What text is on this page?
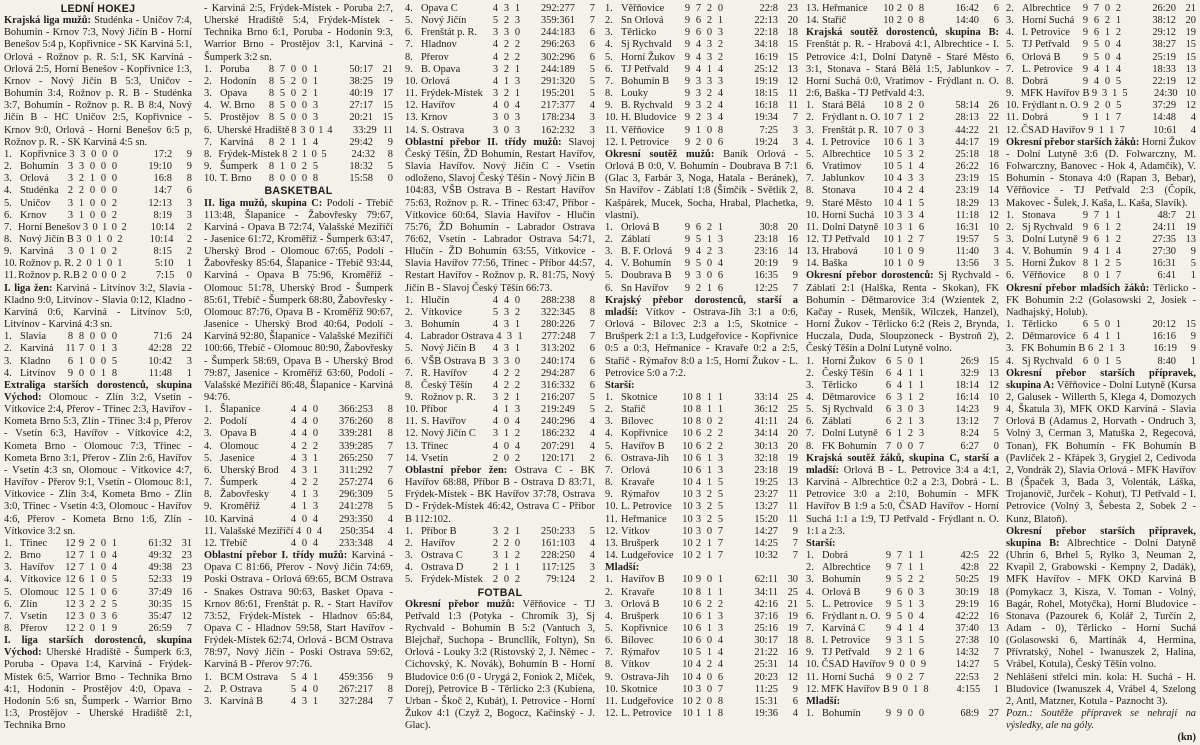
LEDNÍ HOKEJ

Krajská liga mužů: Studénka - Uničov 7:4, Bohumín - Krnov 7:3, Nový Jičín B - Horní Benešov 5:4 p, Kopřivnice - SK Karviná 5:1, Orlová - Rožnov p. R. 5:1, SK Karviná - Orlová 2:5, Horní Benešov - Kopřivnice 1:3, Krnov - Nový Jičín B 5:3, Uničov - Bohumín 3:4, Rožnov p. R. B - Studénka 3:7, Bohumín - Rožnov p. R. B 8:4, Nový Jičín B - HC Uničov 2:5, Kopřivnice - Krnov 9:0, Orlová - Horní Benešov 6:5 p, Rožnov p. R. - SK Karviná 4:5 sn.

1. Kopřivnice 3 3 0 0 0	17:2	9
2. Bohumín 3 3 0 0 0	19:10	9
3. Orlová	3 2 1 0 0	16:8	8
4. Studénka 2 2 0 0 0	14:7	6
5. Uničov	3 1 0 0 2	12:13	3
6. Krnov	3 1 0 0 2	8:19	3
7. Horní Benešov 3 0 1 0 2	10:14	2
8. Nový Jičín B 3 0 1 0 2	10:14	2
9. Karviná	3 0 1 0 2	8:15	2
10. Rožnov p. R. 2 0 1 0 1	5:10	1
11. Rožnov p. R.B 2 0 0 0 2	7:15	0

I. liga žen: Karviná - Litvínov 3:2, Slavia - Kladno 9:0, Litvínov - Slavia 0:12, Kladno - Karviná 0:6, Karviná - Litvínov 5:0, Litvínov - Karviná 4:3 sn.

1. Slavia	8 8 0 0 0	71:6 24
2. Karviná	11 7 0 1 3	42:28 22
3. Kladno	6 1 0 0 5	10:42	3
4. Litvínov	9 0 0 1 8	11:48	1

Extraliga starších dorostenců, skupina Východ: Olomouc - Zlín 3:2, Vsetín - Vítkovice 2:4, Přerov - Třinec 2:3, Havířov - Kometa Brno 5:3, Zlín - Třinec 3:4 p, Přerov - Vsetín 6:3, Havířov - Vítkovice 4:2, Kometa Brno - Olomouc 7:3, Třinec - Kometa Brno 3:1, Přerov - Zlín 2:6, Havířov - Vsetín 4:3 sn, Olomouc - Vítkovice 4:7, Havířov - Přerov 9:1, Vsetín - Olomouc 8:1, Vítkovice - Zlín 3:4, Kometa Brno - Zlín 3:0, Třinec - Vsetín 4:3, Olomouc - Havířov 4:6, Přerov - Kometa Brno 1:6, Zlín - Vítkovice 3:2 sn.

1. Třinec	12 9 2 0 1	61:32 31
2. Brno	12 7 1 0 4	49:32 23
3. Havířov	12 7 1 0 4	49:38 23
4. Vítkovice 12 6 1 0 5	52:33 19
5. Olomouc 12 5 1 0 6	37:49 16
6. Zlín	12 3 2 2 5	30:35 15
7. Vsetín	12 3 0 3 6	35:47 12
8. Přerov	12 2 0 1 9	26:59	7

I. liga starších dorostenců, skupina Východ: Uherské Hradiště - Šumperk 6:3, Poruba - Opava 1:4, Karviná - Frýdek-Místek 6:5, Warrior Brno - Technika Brno 4:1, Hodonín - Prostějov 4:0, Opava - Hodonín 5:6 sn, Šumperk - Warrior Brno 1:3, Prostějov - Uherské Hradiště 2:1, Technika Brno

- Karviná 2:5, Frýdek-Místek - Poruba 2:7, Uherské Hradiště 5:4, Frýdek-Místek - Technika Brno 6:1, Poruba - Hodonín 9:3, Warrior Brno - Prostějov 3:1, Karviná - Šumperk 3:2 sn.

1. Poruba	8 7 0 0 1	50:17 21
2. Hodonín	8 5 2 0 1	38:25 19
3. Opava	8 5 0 2 1	40:19 17
4. W. Brno	8 5 0 0 3	27:17 15
5. Prostějov 8 5 0 0 3	20:21 15
6. Uherské Hradiště 8 3 0 1 4	33:29 11
7. Karviná	8 2 1 1 4	29:42	9
8. Frýdek-Místek 8 2 1 0 5	24:32	8
9. Šumperk	8 1 0 2 5	18:32	5
10. T. Brno	8 0 0 0 8	15:58	0
BASKETBAL

II. liga mužů, skupina C: Podolí - Třebíč 113:48, Šlapanice - Žabovřesky 79:67, Karviná - Opava B 72:74, Valašské Meziříčí - Jasenice 61:72, Kroměříž - Šumperk 63:47, Uherský Brod - Olomouc 67:65, Podolí - Žabovřesky 85:64, Šlapanice - Třebíč 93:44, Karviná - Opava B 75:96, Kroměříž - Olomouc 51:78, Uherský Brod - Šumperk 85:61, Třebíč - Šumperk 68:80, Žabovřesky - Olomouc 87:76, Opava B - Kroměříž 90:67, Jasenice - Uherský Brod 40:64, Podolí - Karviná 92:80, Šlapanice - Valašské Meziříčí 100:66, Třebíč - Olomouc 80:90, Žabovřesky - Šumperk 58:69, Opava B - Uherský Brod 79:87, Jasenice - Kroměříž 63:60, Podolí - Valašské Meziříčí 86:48, Šlapanice - Karviná 94:76.

1. Šlapanice	4 4 0	366:253	8
2. Podolí	4 4 0	376:260	8
3. Opava B	4 4 0	339:281	8
4. Olomouc	4 2 2	339:285	7
5. Jasenice	4 3 1	265:250	7
6. Uherský Brod	4 3 1	311:292	7
7. Šumperk	4 2 2	257:274	6
8. Žabovřesky	4 1 3	296:309	5
9. Kroměříž	4 1 3	241:278	5
10. Karviná	4 0 4	293:350	4
11. Valašské Meziříčí 4 0 4	250:354	4
12. Třebíč	4 0 4	233:348	4

Oblastní přebor I. třídy mužů: Karviná - Opava C 81:66, Přerov - Nový Jičín 74:69, Poski Ostrava - Orlová 69:65, BCM Ostrava - Snakes Ostrava 90:63, Basket Opava - Krnov 86:61, Frenštát p. R. - Start Havířov 73:52, Frýdek-Místek - Hladnov 65:84, Opava C - Hladnov 59:58, Start Havířov - Frýdek-Místek 62:74, Orlová - BCM Ostrava 78:97, Nový Jičín - Poski Ostrava 59:62, Karviná B - Přerov 97:76.

1. BCM Ostrava	5 4 1	459:356	9
2. P. Ostrava	5 4 0	267:217	8
3. Karviná B	4 3 1	327:284	7
4. Opava C	4 3 1	292:277	7
5. Nový Jičín	5 2 3	359:361	7
6. Frenštát p. R.	3 3 0	244:183	6
7. Hladnov	4 2 2	296:263	6
8. Přerov	4 2 2	302:296	6
9. B. Opava	3 2 1	244:189	5
10. Orlová	4 1 3	291:320	5
11. Frýdek-Místek 3 2 1	195:201	5
12. Havířov	4 0 4	217:377	4
13. Krnov	3 0 3	178:234	3
14. S. Ostrava	3 0 3	162:232	3

Oblastní přebor II. třídy mužů: Slavoj Český Těšín, ŽD Bohumín, Restart Havířov, Slavia Havířov. Nový Jičín C - Vsetín odloženo, Slavoj Český Těšín - Nový Jičín B 104:83, VŠB Ostrava B - Restart Havířov 75:63, Rožnov p. R. - Třinec 63:47, Příbor - Vítkovice 60:64, Slavia Havířov - Hlučín 75:76, ŽD Bohumín - Labrador Ostrava 76:62, Vsetín - Labrador Ostrava 54:71, Hlučín - ŽD Bohumín 63:55, Vítkovice - Slavia Havířov 77:56, Třinec - Příbor 44:57, Restart Havířov - Rožnov p. R. 81:75, Nový Jičín B - Slavoj Český Těšín 66:73.

1. Hlučín	4 4 0	288:238	8
2. Vítkovice	5 3 2	322:345	8
3. Bohumín	4 3 1	280:226	7
4. Labrador Ostrava 4 3 1	277:248	7
5. Nový Jičín B	4 3 1	313:202	6
6. VŠB Ostrava B 3 3 0	240:174	6
7. R. Havířov	4 2 2	294:287	6
8. Český Těšín	4 2 2	316:332	6
9. Rožnov p. R.	3 2 1	216:207	5
10. Příbor	4 1 3	219:249	5
11. S. Havířov	4 0 4	240:296	4
12. Nový Jičín C	3 1 2	186:232	4
13. Třinec	4 0 4	207:291	4
14. Vsetín	2 0 2	120:171	2

Oblastní přebor žen: Ostrava C - BK Havířov 68:88, Příbor B - Ostrava D 83:71, Frýdek-Místek - BK Havířov 37:78, Ostrava D - Frýdek-Místek 46:42, Ostrava C - Příbor B 112:102.

1. Příbor B	3 2 1	250:233	5
2. Havířov	2 2 0	161:103	4
3. Ostrava C	3 1 2	228:250	4
4. Ostrava D	2 1 1	117:125	3
5. Frýdek-Místek 2 0 2	79:124	2
FOTBAL

Okresní přebor mužů: Věřňovice - TJ Petřvald 1:3 (Potyka - Chromík 3), Sj Rychvald - Bohumín B 5:2 (Vantuch 3, Blejchař, Suchopa - Bruncllík, Foltyn), Sn Orlová - Louky 3:2 (Ristovský 2, J. Němec - Cichovský, K. Novák), Bohumín B - Horní Bludovice 0:6 (0 - Urygá 2, Foniok 2, Míček, Dorej), Petrovice B - Těrlicko 2:3 (Kubiena, Urban - Škoč 2, Kubát), I. Petrovice - Horní Žukov 4:1 (Czyž 2, Bogocz, Kačinský - J. Glac).

1. Věřňovice	9 7 2 0	22:8 23
2. Sn Orlová	9 6 2 1	22:13 20
3. Těrlicko	9 6 0 3	22:18 18
4. Sj Rychvald	9 4 3 2	34:18 15
5. Horní Žukov 9 4 3 2	16:19 15
6. TJ Petřvald	9 4 1 4	25:12 13
7. Bohumín B	9 3 3 3	19:19 12
8. Louky	9 3 2 4	18:15 11
9. B. Rychvald	9 3 2 4	16:18 11
10. H. Bludovice 9 2 3 4	19:34	7
11. Věřňovice	9 1 0 8	7:25	3
12. I. Petrovice	9 2 0 6	19:24	3

Okresní soutěž mužů: Baník Orlová - Orlová B 0:0, V. Bohumín - Doubrava B 7:1 (Glac 3, Farbár 3, Noga, Hatala - Beránek), Sn Havířov - Záblatí 1:8 (Šimčík - Světlík 2, Kašpárek, Mucek, Socha, Hrabal, Plachetka, vlastní).

1. Orlová B	9 6 2 1	30:8 20
2. Záblatí	9 5 1 3	23:18 16
3. B. F. Orlová	9 4 2 3	23:16 14
4. V. Bohumín	9 5 0 4	20:19	9
5. Doubrava B	9 3 0 6	16:35	9
6. Sn Havířov	9 2 1 6	12:25	7

Krajský přebor dorostenců, starší a mladší: Vítkov - Ostrava-Jih 3:1 a 0:6, Orlová - Bílovec 2:3 a 1:5, Skotnice - Brušperk 2:1 a 1:3, Ludgeřovice - Kopřivnice 0:5 a 0:3, Heřmanice - Kravaře 0:2 a 2:5, Stařič - Rýmařov 8:0 a 1:5, Horní Žukov - L. Petrovice 5:0 a 7:2.

Starší:
1. Skotnice	10 8 1 1	33:14 25
2. Stařič	10 8 1 1	36:12 25
3. Bílovec	10 8 0 2	41:11 24
4. Kopřivnice	10 6 2 2	34:14 20
5. Havířov B	10 6 2 2	30:13 20
6. Ostrava-Jih	10 6 1 3	32:18 19
7. Orlová	10 6 1 3	23:18 19
8. Kravaře	10 4 1 5	19:25 13
9. Rýmařov	10 3 2 5	23:27 11
10. L. Petrovice	10 3 2 5	13:27 11
11. Heřmanice	10 3 2 5	15:20 11
12. Vítkov	10 3 0 7	14:27	9
13. Brušperk	10 2 1 7	14:25	7
14. Ludgeřovice 10 2 1 7	10:32	7
Mladší:
1. Havířov B	10 9 0 1	62:11 30
2. Kravaře	10 8 1 1	34:11 25
3. Orlová B	10 6 2 2	42:16 21
4. Brušperk	10 6 1 3	37:16 19
5. Kopřivnice	10 6 1 3	25:16 19
6. Bílovec	10 6 0 4	30:17 18
7. Rýmařov	10 5 1 4	21:22 16
8. Vítkov	10 4 2 4	25:31 14
9. Ostrava-Jih	10 4 0 6	20:23 12
10. Skotnice	10 3 0 7	11:25	9
11. Ludgeřovice 10 2 0 8	15:31	6
12. L. Petrovice	10 1 1 8	19:36	4
13. Heřmanice	10 2 0 8	16:42	6
14. Stařič	10 2 0 8	14:40	6

Krajská soutěž dorostenců, skupina B: Frenštát p. R. - Hrabová 4:1, Albrechtice - I. Petrovice 4:1, Dolní Datyně - Staré Město 3:1, Stonava - Stará Bělá 1:5, Jablunkov - Horní Suchá 0:0, Vratimov - Frýdlant n. O. 2:6, Baška - TJ Petřvald 4:3.

1. Stará Bělá	10 8 2 0	58:14 26
2. Frýdlant n. O. 10 7 1 2	28:13 22
3. Frenštát p. R. 10 7 0 3	44:22 21
4. I. Petrovice	10 6 1 3	44:17 19
5. Albrechtice	10 5 3 2	25:18 18
6. Vratimov	10 5 1 4	26:22 16
7. Jablunkov	10 4 3 3	23:19 15
8. Stonava	10 4 2 4	23:19 14
9. Staré Město	10 4 1 5	18:29 13
10. Horní Suchá 10 3 3 4	11:18 12
11. Dolní Datyně 10 3 1 6	16:31 10
12. TJ Petřvald	10 1 2 7	19:57	5
13. Hrabová	10 1 0 9	11:40	3
14. Baška	10 1 0 9	13:56	3

Okresní přebor dorostenců: Sj Rychvald - Záblatí 2:1 (Halška, Renta - Skokan), FK Bohumín - Dětmarovice 3:4 (Wzientek 2, Kačay - Rusek, Menšík, Wilczek, Hanzel), Horní Žukov - Těrlicko 6:2 (Reis 2, Brynda, Huczala, Duda, Sloupzoneck - Bystroň 2), Český Těšín a Dolní Lutyně volno.

1. Horní Žukov 6 5 0 1	26:9 15
2. Český Těšín	6 4 1 1	32:9 13
3. Těrlicko	6 4 1 1	18:14 12
4. Dětmarovice 6 3 1 2	16:14 10
5. Sj Rychvald	6 3 0 3	14:23	9
6. Záblatí	6 2 1 3	13:12	7
7. Dolní Lutyně 6 1 2 3	8:24	5
8. FK Bohumín 7 0 0 7	6:27	0

Krajská soutěž žáků, skupina C, starší a mladší: Orlová B - L. Petrovice 3:4 a 4:1, Karviná - Albrechtice 0:2 a 2:3, Dobrá - L. Petrovice 3:0 a 2:10, Bohumín - MFK Havířov B 1:9 a 5:0, ČSAD Havířov - Horní Suchá 1:1 a 1:9, TJ Petřvald - Frýdlant n. O. 1:1 a 2:3.

Starší:
1. Dobrá	9 7 1 1	42:5 22
2. Albrechtice	9 7 1 1	42:8 22
3. Bohumín	9 5 2 2	50:25 19
4. Orlová B	9 6 0 3	30:19 18
5. L. Petrovice	9 5 1 3	29:19 16
6. Frýdlant n. O. 9 5 0 4	42:22 16
7. Karviná C	9 4 1 4	37:40 13
8. I. Petrovice	9 3 1 5	27:38 10
9. TJ Petřvald	9 2 1 6	14:32	7
10. ČSAD Havířov 9 0 0 9	14:27	5
11. Horní Suchá	9 0 2 7	22:53	2
12. MFK Havířov B 9 0 1 8	4:155	1
Mladší:
1. Bohumín	9 9 0 0	68:9 27
2. Albrechtice	9 7 0 2	26:20 21
3. Horní Suchá 9 6 2 1	38:12 20
4. I. Petrovice	9 6 1 2	29:12 19
5. TJ Petřvald	9 5 0 4	38:27 15
6. Orlová B	9 5 0 4	25:19 15
7. L. Petrovice 9 4 1 4	18:33 13
8. Dobrá	9 4 0 5	22:19 12
9. MFK Havířov B 9 3 1 5	24:30 10
10. Frýdlant n. O. 9 2 0 5	37:29 12
11. Dobrá	9 1 1 7	14:48	4
12. ČSAD Havířov 9 1 1 7	10:61	4

Okresní přebor starších žáků: Horní Žukov - Dolní Lutyně 3:6 (D. Folwarczny, M. Folwarczny, Banovec - Hok 4, Adamčík), V. Bohumín - Stonava 4:0 (Rapan 3, Bebar), Věřňovice - TJ Petřvald 2:3 (Čopík, Makovec - Šulek, J. Kaša, L. Kaša, Slavík).

1. Stonava	9 7 1 1	48:7 21
2. Sj Rychvald 9 6 1 2	24:11 19
3. Dolní Lutyně 9 6 1 2	27:35 13
4. V. Bohumín	9 4 1 4	27:30	9
5. Horní Žukov 8 1 2 5	16:31	5
6. Věřňovice	8 0 1 7	6:41	1

Okresní přebor mladších žáků: Těrlicko - FK Bohumín 2:2 (Golasowski 2, Josiek - Nadhajský, Holub).

1. Těrlicko	6 5 0 1	20:12 15
2. Dětmarovice 6 4 1 1	16:16	9
3. FK Bohumín B 6 2 1 3	16:19	9
4. Sj Rychvald 6 0 1 5	8:40	1

Okresní přebor starších přípravek, skupina A: Věřňovice - Dolní Lutyně (Kursa 2, Galusek - Willerth 5, Klega 4, Domozych 4, Škatula 3), MFK OKD Karviná - Slavia Orlová B (Adamus 2, Horvath - Ondruch 3, Volný 3, Cerman 3, Matuška 2, Regecová, Tonan), FK Bohumín - FK Bohumín B (Pavlíček 2 - Křápek 3, Grygiel 2, Cedivoda 2, Vondrák 2), Slavia Orlová - MFK Havířov B (Špaček 3, Bada 3, Volenták, Láška, Trojanovič, Jurček - Kohut), TJ Petřvald - I. Petrovice (Volný 3, Šebesta 2, Sobek 2 - Kunz, Blatoň).

Okresní přebor starších přípravek, skupina B: Albrechtice - Dolní Datyně (Uhrin 6, Brhel 5, Rylko 3, Neuman 2, Kvapil 2, Grabowski - Kempny 2, Dadák), MFK Havířov - MFK OKD Karviná B (Pomykacz 3, Kisza, V. Toman - Volný, Bagár, Rohel, Motyčka), Horní Bludovice - Stonava (Pazourek 6, Kolář 2, Turčín 2, Adam - 0), Těrlicko - Horní Suchá (Golasowski 6, Martinák 4, Hermina, Přívratský, Nohel - Iwanuszek 2, Halina, Vrábel, Kotula), Český Těšín volno.

Nehlášení střelci min. kola: H. Suchá - H. Bludovice (Iwanuszek 4, Vrábel 4, Szelong 2, Antl, Matzner, Kotula - Paznocht 3).

Pozn.: Soutěže přípravek se nehrají na výsledky, ale na góly.
(kn)
